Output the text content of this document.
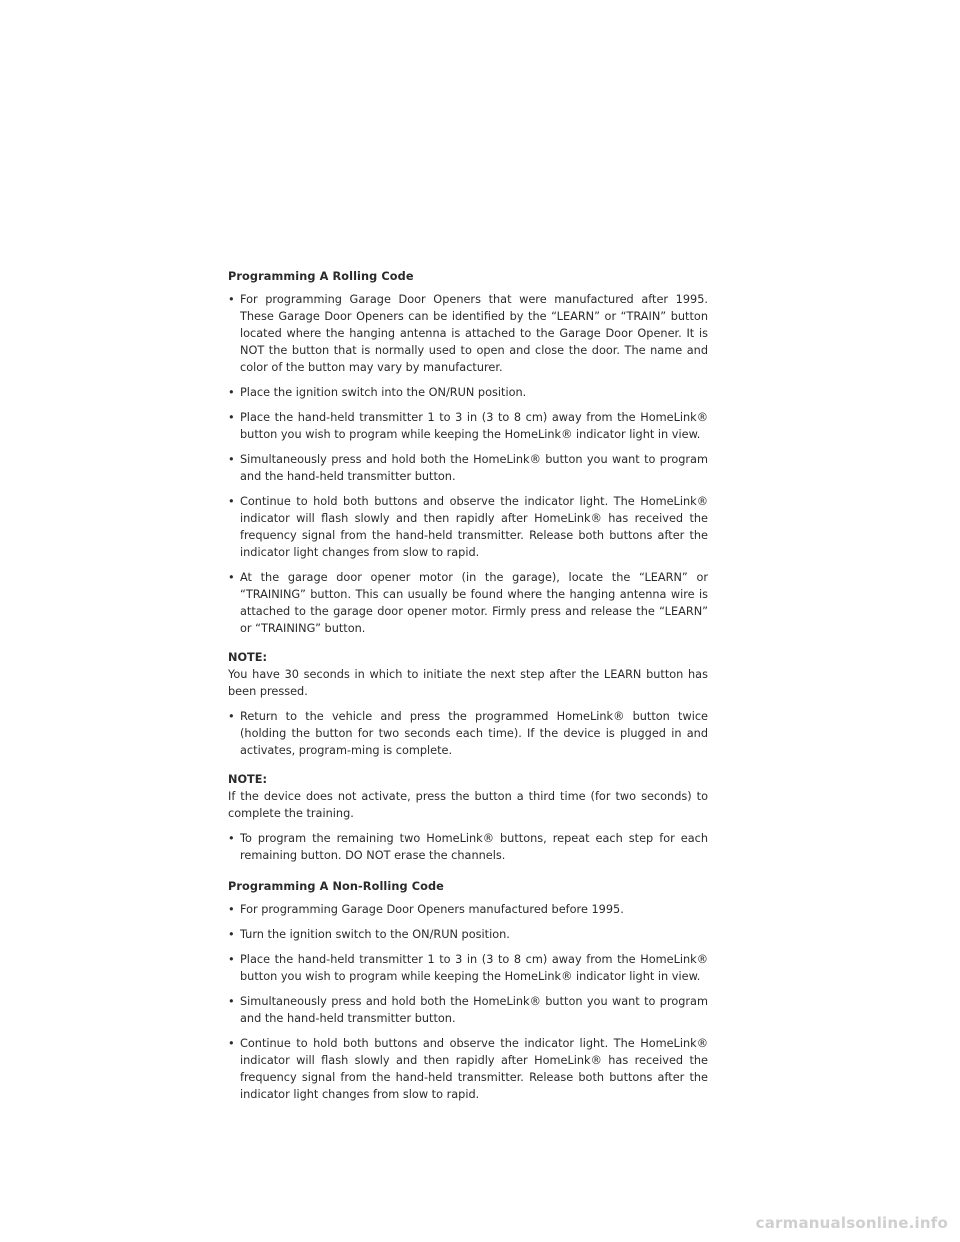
Programming A Rolling Code

• For programming Garage Door Openers that were manufactured after 1995. These Garage Door Openers can be identified by the “LEARN” or “TRAIN” button located where the hanging antenna is attached to the Garage Door Opener. It is NOT the button that is normally used to open and close the door. The name and color of the button may vary by manufacturer.
• Place the ignition switch into the ON/RUN position.
• Place the hand-held transmitter 1 to 3 in (3 to 8 cm) away from the HomeLink® button you wish to program while keeping the HomeLink® indicator light in view.
• Simultaneously press and hold both the HomeLink® button you want to program and the hand-held transmitter button.
• Continue to hold both buttons and observe the indicator light. The HomeLink® indicator will flash slowly and then rapidly after HomeLink® has received the frequency signal from the hand-held transmitter. Release both buttons after the indicator light changes from slow to rapid.
• At the garage door opener motor (in the garage), locate the “LEARN” or “TRAINING” button. This can usually be found where the hanging antenna wire is attached to the garage door opener motor. Firmly press and release the “LEARN” or “TRAINING” button.

NOTE:

You have 30 seconds in which to initiate the next step after the LEARN button has been pressed.

• Return to the vehicle and press the programmed HomeLink® button twice (holding the button for two seconds each time). If the device is plugged in and activates, program-ming is complete.

NOTE:

If the device does not activate, press the button a third time (for two seconds) to complete the training.

• To program the remaining two HomeLink® buttons, repeat each step for each remaining button. DO NOT erase the channels.

Programming A Non-Rolling Code

• For programming Garage Door Openers manufactured before 1995.
• Turn the ignition switch to the ON/RUN position.
• Place the hand-held transmitter 1 to 3 in (3 to 8 cm) away from the HomeLink® button you wish to program while keeping the HomeLink® indicator light in view.
• Simultaneously press and hold both the HomeLink® button you want to program and the hand-held transmitter button.
• Continue to hold both buttons and observe the indicator light. The HomeLink® indicator will flash slowly and then rapidly after HomeLink® has received the frequency signal from the hand-held transmitter. Release both buttons after the indicator light changes from slow to rapid.
carmanualsonline.info
